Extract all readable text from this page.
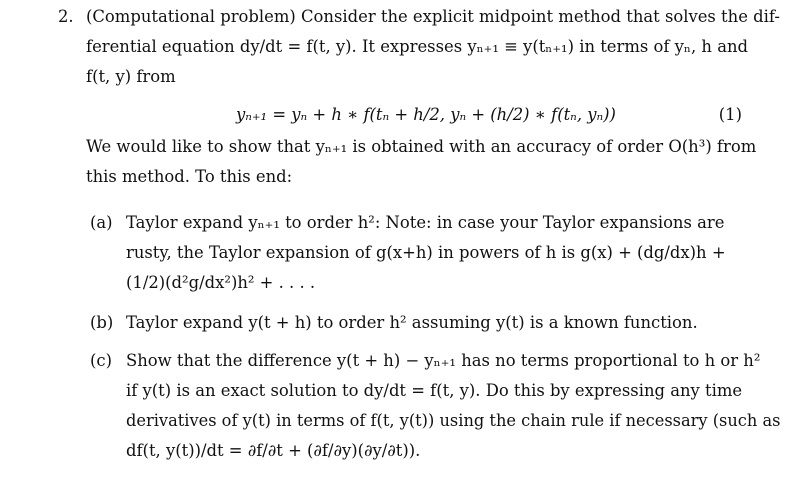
2. (Computational problem) Consider the explicit midpoint method that solves the dif-
ferential equation dy/dt = f(t, y). It expresses yₙ₊₁ ≡ y(tₙ₊₁) in terms of yₙ, h and
f(t, y) from
yₙ₊₁ = yₙ + h ∗ f(tₙ + h/2, yₙ + (h/2) ∗ f(tₙ, yₙ))	(1)
We would like to show that yₙ₊₁ is obtained with an accuracy of order O(h³) from
this method. To this end:
(a) Taylor expand yₙ₊₁ to order h²: Note: in case your Taylor expansions are
rusty, the Taylor expansion of g(x+h) in powers of h is g(x) + (dg/dx)h +
(1/2)(d²g/dx²)h² + . . . .
(b) Taylor expand y(t + h) to order h² assuming y(t) is a known function.
(c) Show that the difference y(t + h) − yₙ₊₁ has no terms proportional to h or h²
if y(t) is an exact solution to dy/dt = f(t, y). Do this by expressing any time
derivatives of y(t) in terms of f(t, y(t)) using the chain rule if necessary (such as
df(t, y(t))/dt = ∂f/∂t + (∂f/∂y)(∂y/∂t)).
